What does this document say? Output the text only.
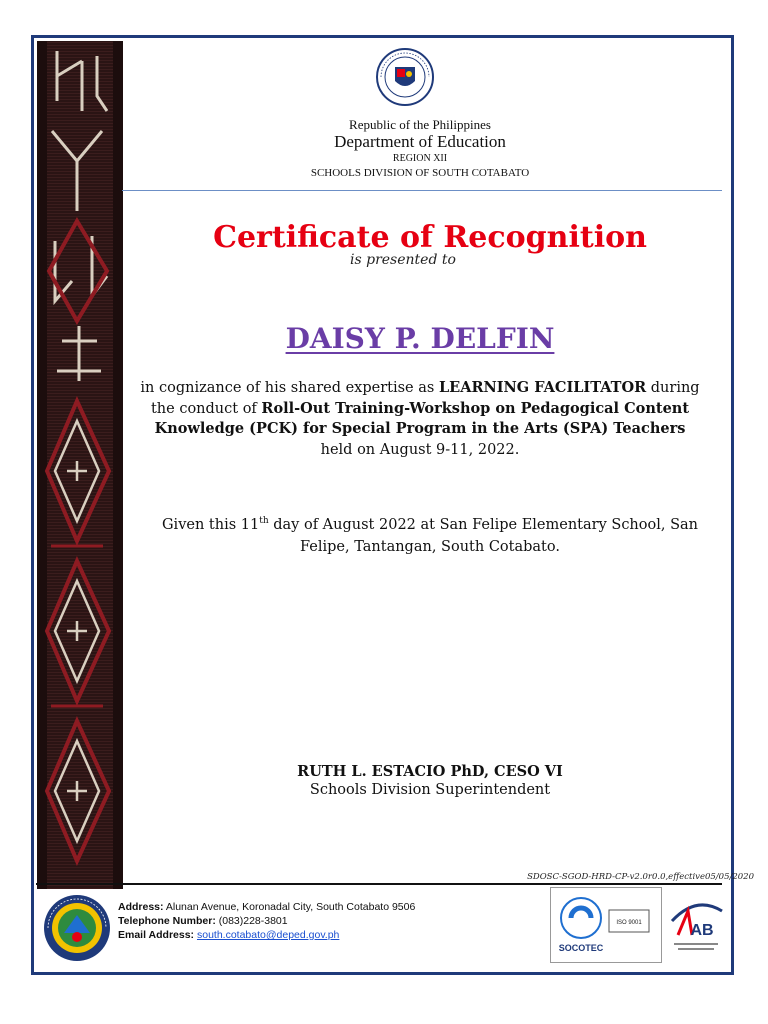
Republic of the Philippines
Department of Education
REGION XII
SCHOOLS DIVISION OF SOUTH COTABATO
Certificate of Recognition
is presented to
DAISY P. DELFIN
in cognizance of his shared expertise as LEARNING FACILITATOR during the conduct of Roll-Out Training-Workshop on Pedagogical Content Knowledge (PCK) for Special Program in the Arts (SPA) Teachers
held on August 9-11, 2022.
Given this 11th day of August 2022 at San Felipe Elementary School, San Felipe, Tantangan, South Cotabato.
RUTH L. ESTACIO PhD, CESO VI
Schools Division Superintendent
SDOSC-SGOD-HRD-CP-v2.0r0.0,effective05/05/2020
Address: Alunan Avenue, Koronadal City, South Cotabato 9506
Telephone Number: (083)228-3801
Email Address: south.cotabato@deped.gov.ph
ISO 9001
SOCOTEC
AB
